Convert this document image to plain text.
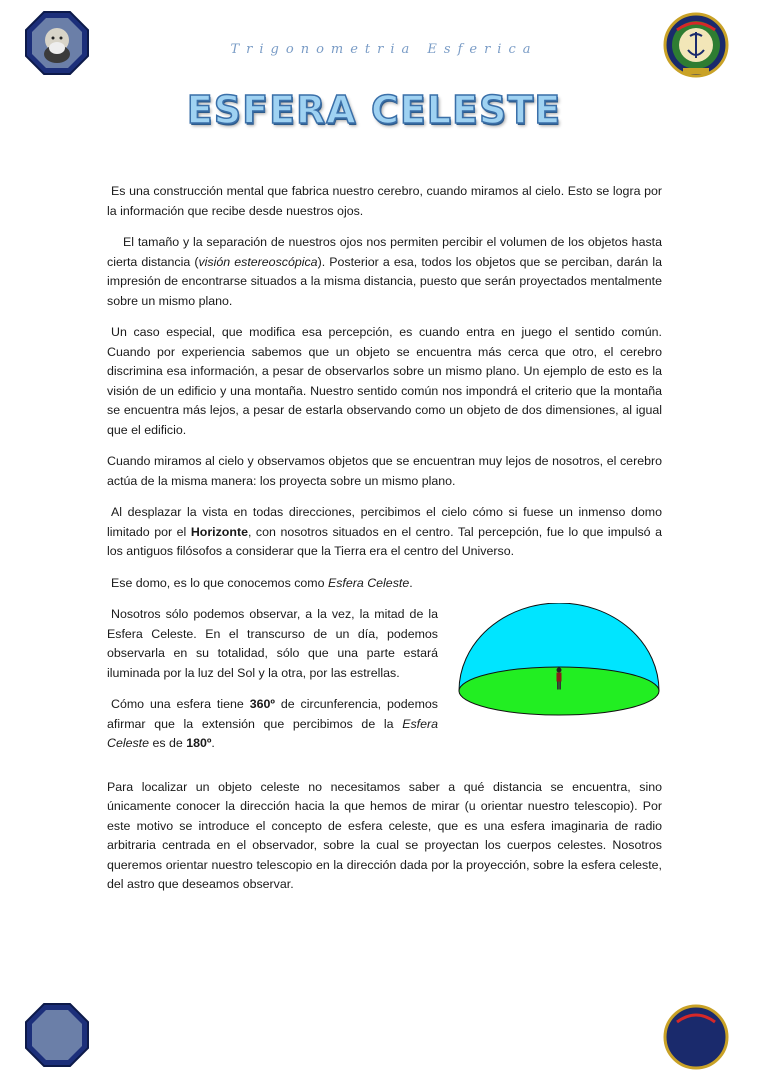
Trigonometria Esferica
ESFERA CELESTE

Es una construcción mental que fabrica nuestro cerebro, cuando miramos al cielo. Esto se logra por la información que recibe desde nuestros ojos.

El tamaño y la separación de nuestros ojos nos permiten percibir el volumen de los objetos hasta cierta distancia (visión estereoscópica). Posterior a esa, todos los objetos que se perciban, darán la impresión de encontrarse situados a la misma distancia, puesto que serán proyectados mentalmente sobre un mismo plano.

Un caso especial, que modifica esa percepción, es cuando entra en juego el sentido común. Cuando por experiencia sabemos que un objeto se encuentra más cerca que otro, el cerebro discrimina esa información, a pesar de observarlos sobre un mismo plano. Un ejemplo de esto es la visión de un edificio y una montaña. Nuestro sentido común nos impondrá el criterio que la montaña se encuentra más lejos, a pesar de estarla observando como un objeto de dos dimensiones, al igual que el edificio.

Cuando miramos al cielo y observamos objetos que se encuentran muy lejos de nosotros, el cerebro actúa de la misma manera: los proyecta sobre un mismo plano.

Al desplazar la vista en todas direcciones, percibimos el cielo cómo si fuese un inmenso domo limitado por el Horizonte, con nosotros situados en el centro. Tal percepción, fue lo que impulsó a los antiguos filósofos a considerar que la Tierra era el centro del Universo.

Ese domo, es lo que conocemos como Esfera Celeste.

Nosotros sólo podemos observar, a la vez, la mitad de la Esfera Celeste. En el transcurso de un día, podemos observarla en su totalidad, sólo que una parte estará iluminada por la luz del Sol y la otra, por las estrellas.

Cómo una esfera tiene 360º de circunferencia, podemos afirmar que la extensión que percibimos de la Esfera Celeste es de 180º.

Para localizar un objeto celeste no necesitamos saber a qué distancia se encuentra, sino únicamente conocer la dirección hacia la que hemos de mirar (u orientar nuestro telescopio). Por este motivo se introduce el concepto de esfera celeste, que es una esfera imaginaria de radio arbitraria centrada en el observador, sobre la cual se proyectan los cuerpos celestes. Nosotros queremos orientar nuestro telescopio en la dirección dada por la proyección, sobre la esfera celeste, del astro que deseamos observar.
